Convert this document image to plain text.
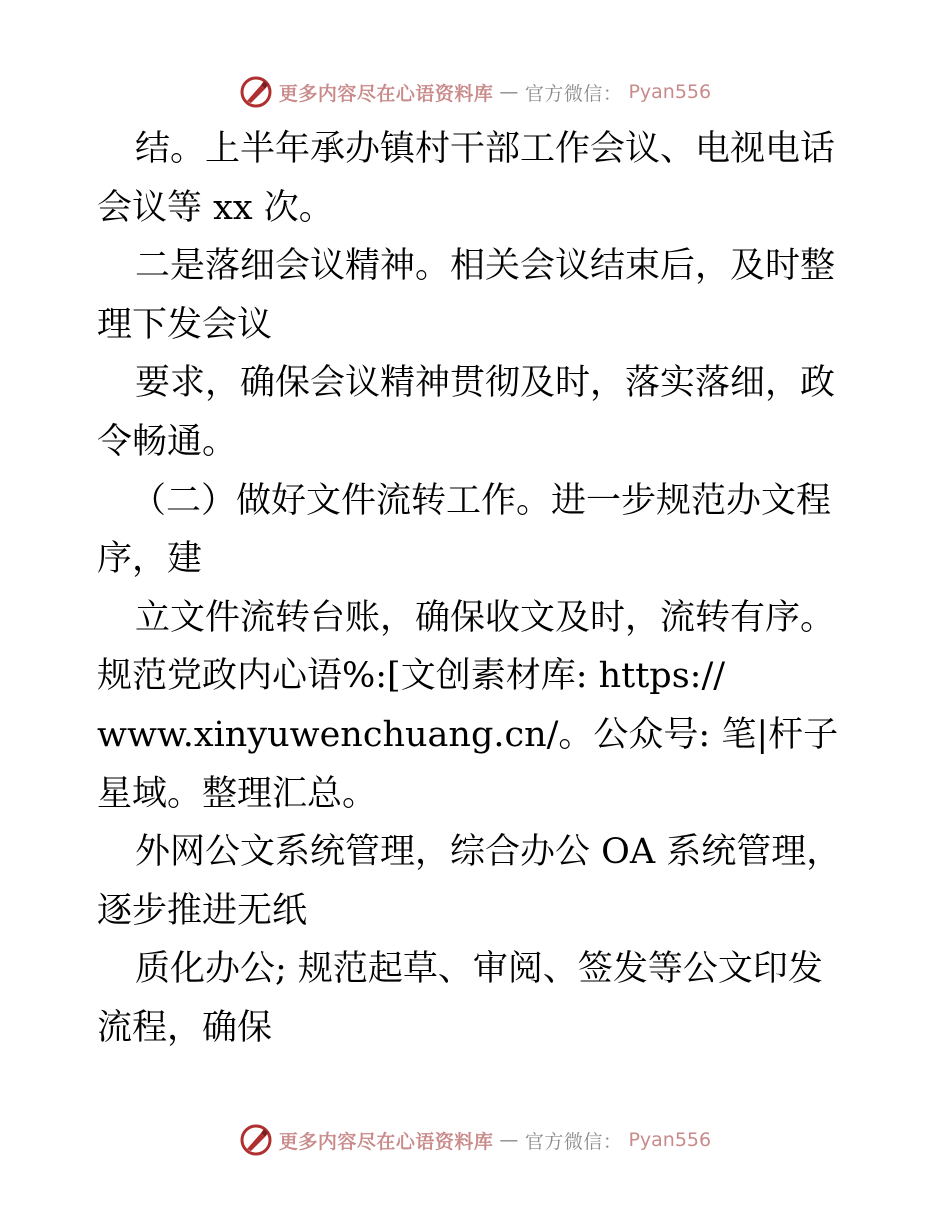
更多内容尽在心语资料库 — 官方微信： Pyan556

结。上半年承办镇村干部工作会议、电视电话会议等 xx 次。

二是落细会议精神。相关会议结束后，及时整理下发会议

要求，确保会议精神贯彻及时，落实落细，政令畅通。

（二）做好文件流转工作。进一步规范办文程序，建

立文件流转台账，确保收文及时，流转有序。规范党政内心语%:[文创素材库: https://

www.xinyuwenchuang.cn/。公众号: 笔|杆子星域。整理汇总。

外网公文系统管理，综合办公 OA 系统管理，逐步推进无纸

质化办公; 规范起草、审阅、签发等公文印发流程，确保

更多内容尽在心语资料库 — 官方微信： Pyan556
